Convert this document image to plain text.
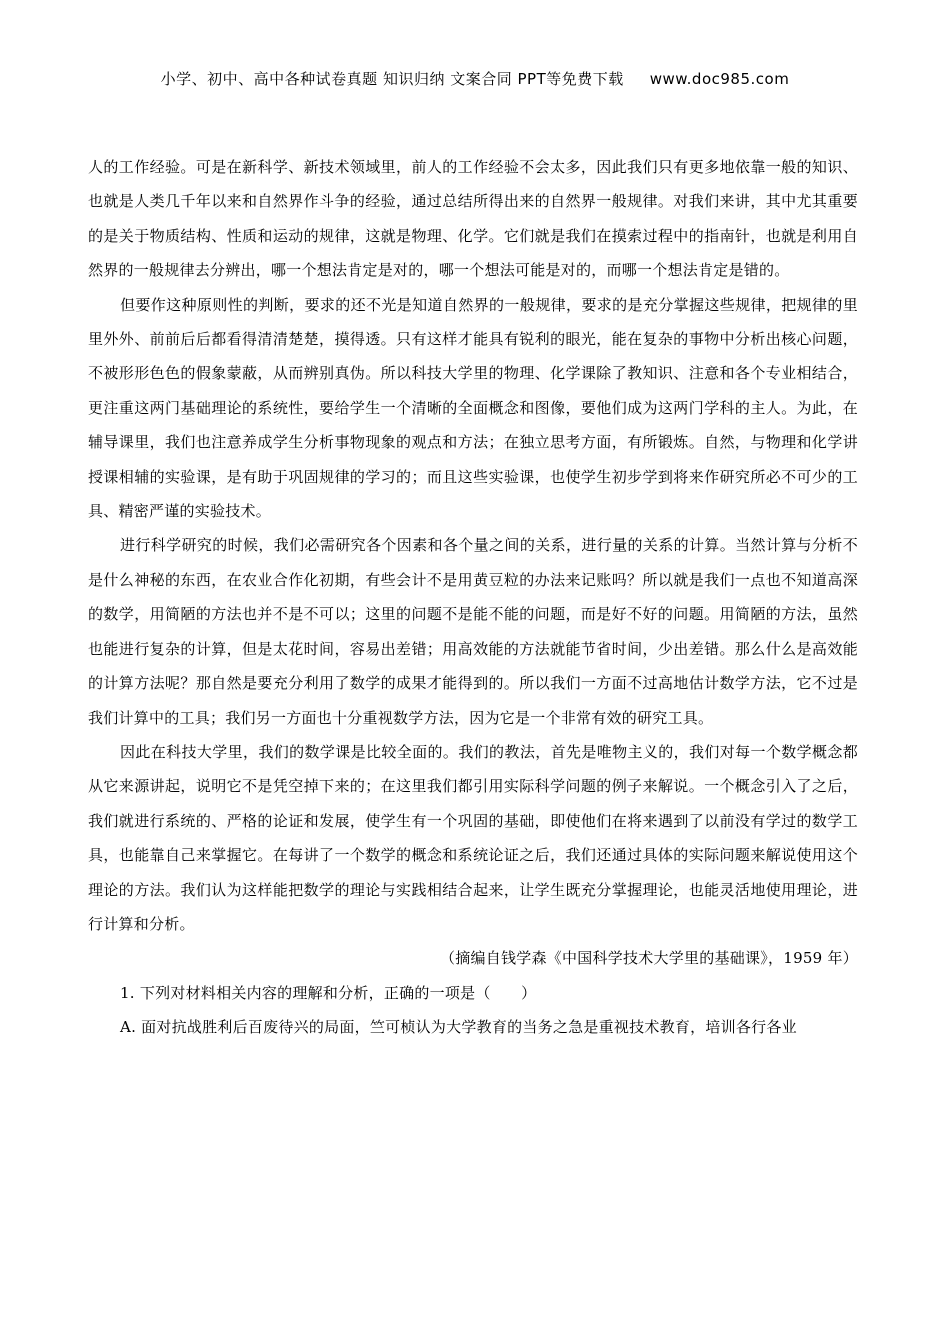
小学、初中、高中各种试卷真题 知识归纳 文案合同 PPT等免费下载 www.doc985.com

人的工作经验。可是在新科学、新技术领域里，前人的工作经验不会太多，因此我们只有更多地依靠一般的知识、也就是人类几千年以来和自然界作斗争的经验，通过总结所得出来的自然界一般规律。对我们来讲，其中尤其重要的是关于物质结构、性质和运动的规律，这就是物理、化学。它们就是我们在摸索过程中的指南针，也就是利用自然界的一般规律去分辨出，哪一个想法肯定是对的，哪一个想法可能是对的，而哪一个想法肯定是错的。

但要作这种原则性的判断，要求的还不光是知道自然界的一般规律，要求的是充分掌握这些规律，把规律的里里外外、前前后后都看得清清楚楚，摸得透。只有这样才能具有锐利的眼光，能在复杂的事物中分析出核心问题，不被形形色色的假象蒙蔽，从而辨别真伪。所以科技大学里的物理、化学课除了教知识、注意和各个专业相结合，更注重这两门基础理论的系统性，要给学生一个清晰的全面概念和图像，要他们成为这两门学科的主人。为此，在辅导课里，我们也注意养成学生分析事物现象的观点和方法；在独立思考方面，有所锻炼。自然，与物理和化学讲授课相辅的实验课，是有助于巩固规律的学习的；而且这些实验课，也使学生初步学到将来作研究所必不可少的工具、精密严谨的实验技术。

进行科学研究的时候，我们必需研究各个因素和各个量之间的关系，进行量的关系的计算。当然计算与分析不是什么神秘的东西，在农业合作化初期，有些会计不是用黄豆粒的办法来记账吗？所以就是我们一点也不知道高深的数学，用简陋的方法也并不是不可以；这里的问题不是能不能的问题，而是好不好的问题。用简陋的方法，虽然也能进行复杂的计算，但是太花时间，容易出差错；用高效能的方法就能节省时间，少出差错。那么什么是高效能的计算方法呢？那自然是要充分利用了数学的成果才能得到的。所以我们一方面不过高地估计数学方法，它不过是我们计算中的工具；我们另一方面也十分重视数学方法，因为它是一个非常有效的研究工具。

因此在科技大学里，我们的数学课是比较全面的。我们的教法，首先是唯物主义的，我们对每一个数学概念都从它来源讲起，说明它不是凭空掉下来的；在这里我们都引用实际科学问题的例子来解说。一个概念引入了之后，我们就进行系统的、严格的论证和发展，使学生有一个巩固的基础，即使他们在将来遇到了以前没有学过的数学工具，也能靠自己来掌握它。在每讲了一个数学的概念和系统论证之后，我们还通过具体的实际问题来解说使用这个理论的方法。我们认为这样能把数学的理论与实践相结合起来，让学生既充分掌握理论，也能灵活地使用理论，进行计算和分析。

（摘编自钱学森《中国科学技术大学里的基础课》，1959 年）

1. 下列对材料相关内容的理解和分析，正确的一项是（　　）

A. 面对抗战胜利后百废待兴的局面，竺可桢认为大学教育的当务之急是重视技术教育，培训各行各业
